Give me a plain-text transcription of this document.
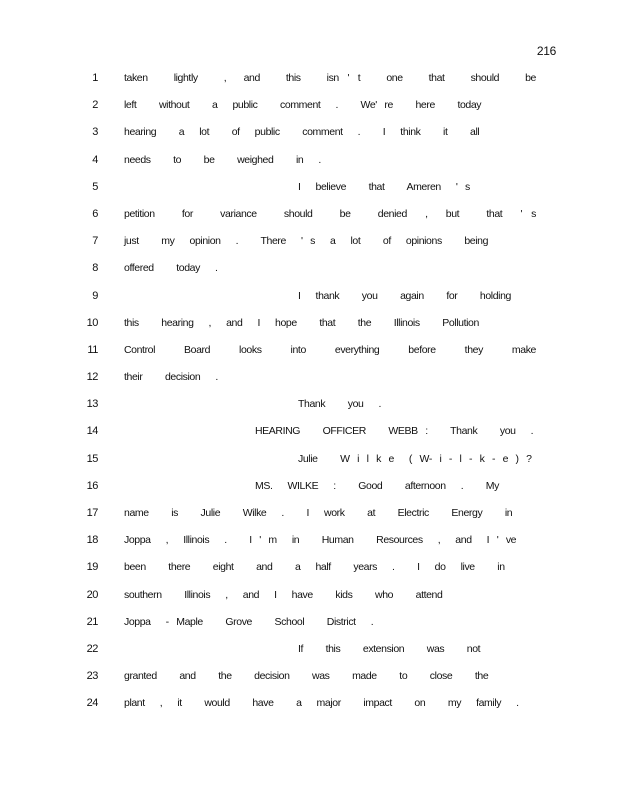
216
1 taken   lightly   ,  and   this   isn ' t   one   that   should   be
2 left   without   a  public   comment  .   We' re   here   today
3 hearing   a  lot   of  public   comment  .   I  think   it   all
4 needs   to   be   weighed   in  .
5	I  believe   that   Ameren  ' s
6 petition   for   variance   should   be   denied  ,  but   that  ' s
7 just   my  opinion  .   There  ' s  a  lot   of  opinions   being
8 offered   today  .
9	I  thank   you   again   for   holding
10 this   hearing  ,  and  I  hope   that   the   Illinois   Pollution
11 Control   Board   looks   into   everything   before   they   make
12 their   decision  .
13	Thank   you  .
14	HEARING   OFFICER   WEBB :   Thank   you  .
15	Julie   W i l k e  ( W- i - l - k - e ) ?
16	MS.  WILKE  :   Good   afternoon  .   My
17 name   is   Julie   Wilke  .   I  work   at   Electric   Energy   in
18 Joppa  ,  Illinois  .   I ' m  in   Human   Resources  ,  and  I ' ve
19 been   there   eight   and   a  half   years  .   I  do  live   in
20 southern   Illinois  ,  and  I  have   kids   who   attend
21 Joppa  - Maple   Grove   School   District  .
22	If   this   extension   was   not
23 granted   and   the   decision   was   made   to   close   the
24 plant  ,  it   would   have   a  major   impact   on   my  family  .
